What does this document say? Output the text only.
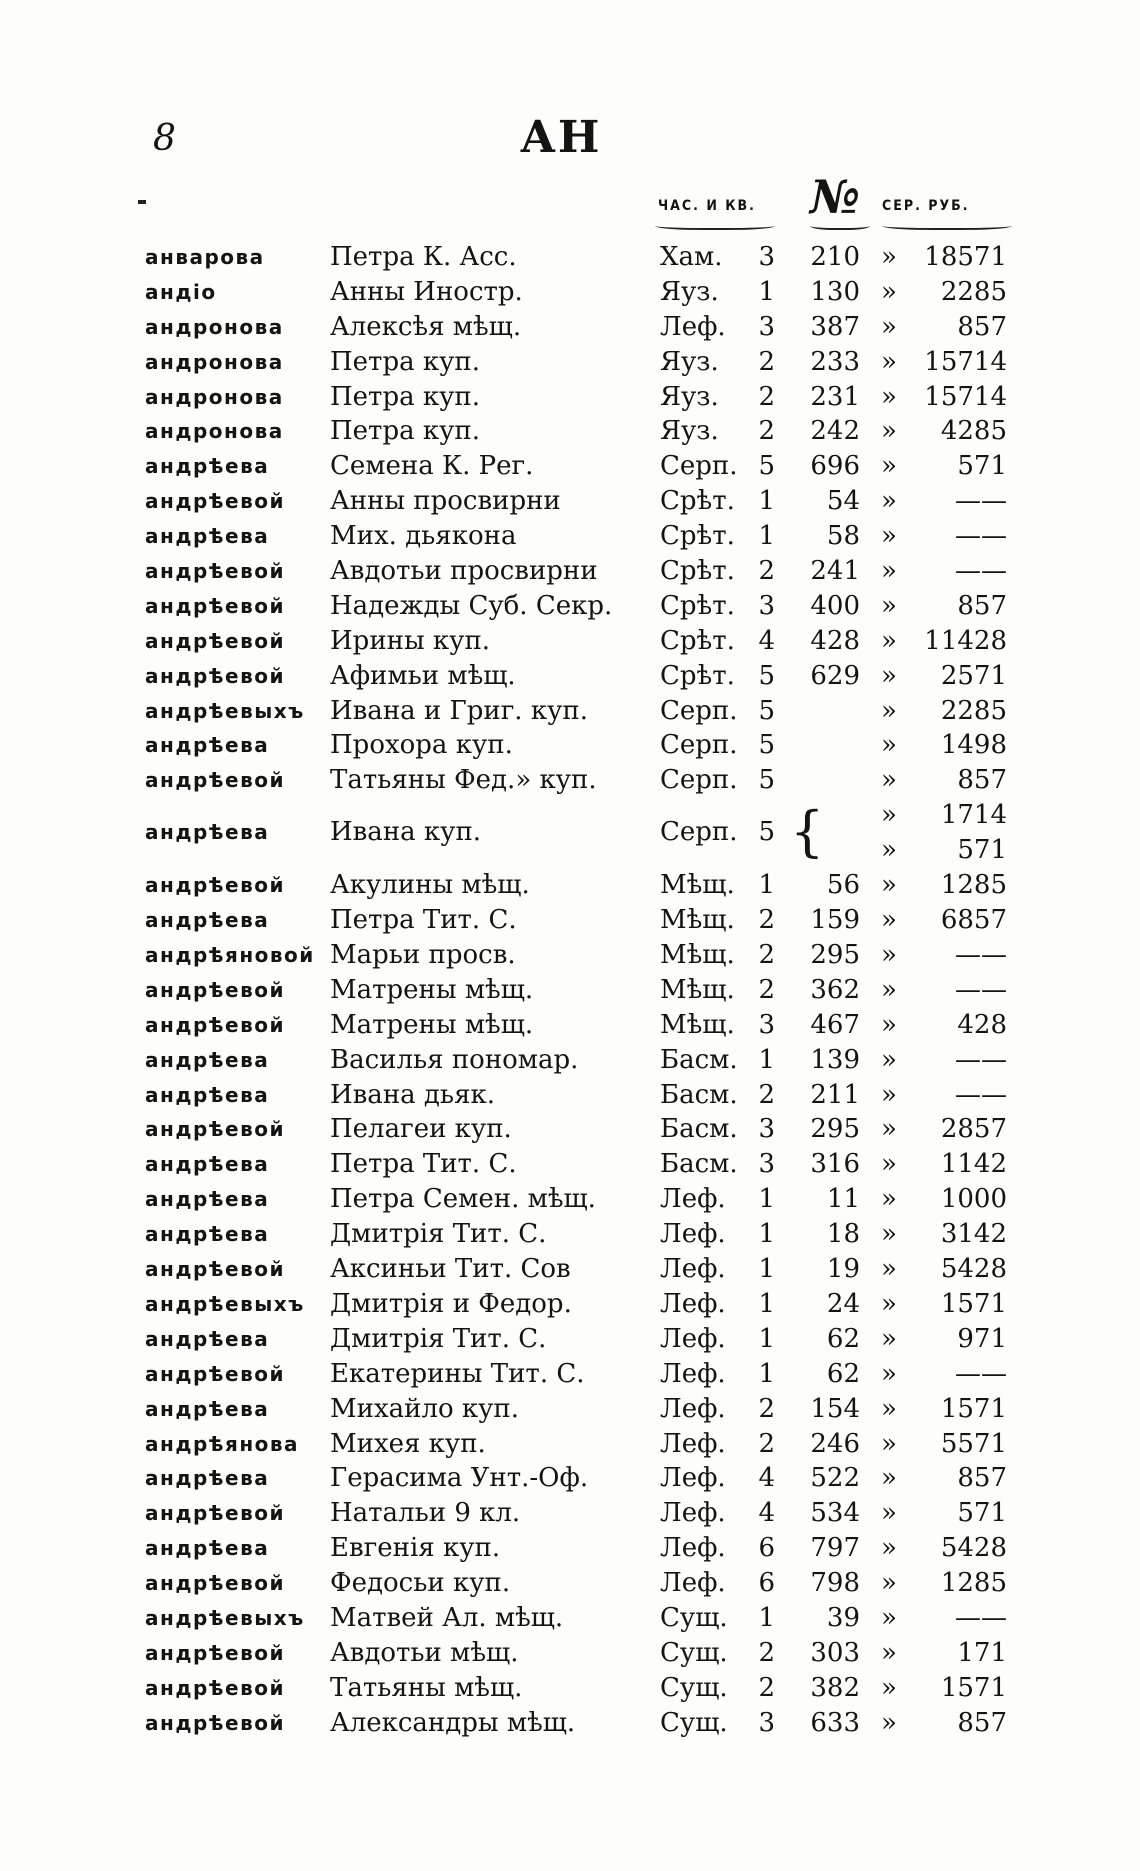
8	АН
ЧАС. И КВ. № СЕР. РУБ.
анварова	Петра К. Асс.	Хам.	3	210 »	18571
андіо	Анны Иностр.	Яуз.	1	130 »	2285
андронова Алексѣя мѣщ.	Леф.	3	387 »	857
андронова Петра куп.	Яуз.	2	233 »	15714
андронова Петра куп.	Яуз.	2	231 »	15714
андронова Петра куп.	Яуз.	2	242 »	4285
андрѣева Семена К. Рег.	Серп. 5	696 »	571
андрѣевой Анны просвирни	Срѣт. 1	54 »	——
андрѣева Мих. дьякона	Срѣт. 1	58 »	——
андрѣевой Авдотьи просвирни Срѣт. 2	241 »	——
андрѣевой Надежды Суб. Секр. Срѣт. 3	400 »	857
андрѣевой Ирины куп.	Срѣт. 4	428 »	11428
андрѣевой Афимьи мѣщ.	Срѣт. 5	629 »	2571
андрѣевыхъ Ивана и Григ. куп.	Серп. 5	»	2285
андрѣева Прохора куп.	Серп. 5	»	1498
андрѣевой Татьяны Фед.» куп. Серп. 5	»	857
андрѣева Ивана куп.	Серп. 5 { »	1714
»	571
андрѣевой Акулины мѣщ.	Мѣщ. 1	56 »	1285
андрѣева Петра Тит. С.	Мѣщ. 2	159 »	6857
андрѣяновой Марьи просв.	Мѣщ. 2	295 »	——
андрѣевой Матрены мѣщ.	Мѣщ. 2	362 »	——
андрѣевой Матрены мѣщ.	Мѣщ. 3	467 »	428
андрѣева Василья пономар.	Басм. 1	139 »	——
андрѣева Ивана дьяк.	Басм. 2	211 »	——
андрѣевой Пелагеи куп.	Басм. 3	295 »	2857
андрѣева Петра Тит. С.	Басм. 3	316 »	1142
андрѣева Петра Семен. мѣщ. Леф.	1	11 »	1000
андрѣева Дмитрія Тит. С.	Леф.	1	18 »	3142
андрѣевой Аксиньи Тит. Сов	Леф.	1	19 »	5428
андрѣевыхъ Дмитрія и Федор.	Леф.	1	24 »	1571
андрѣева Дмитрія Тит. С.	Леф.	1	62 »	971
андрѣевой Екатерины Тит. С.	Леф.	1	62 »	——
андрѣева Михайло куп.	Леф.	2	154 »	1571
андрѣянова Михея куп.	Леф.	2	246 »	5571
андрѣева Герасима Унт.-Оф.	Леф.	4	522 »	857
андрѣевой Натальи 9 кл.	Леф.	4	534 »	571
андрѣева Евгенія куп.	Леф.	6	797 »	5428
андрѣевой Федосьи куп.	Леф.	6	798 »	1285
андрѣевыхъ Матвей Ал. мѣщ.	Сущ.	1	39 »	——
андрѣевой Авдотьи мѣщ.	Сущ.	2	303 »	171
андрѣевой Татьяны мѣщ.	Сущ.	2	382 »	1571
андрѣевой Александры мѣщ.	Сущ.	3	633 »	857
